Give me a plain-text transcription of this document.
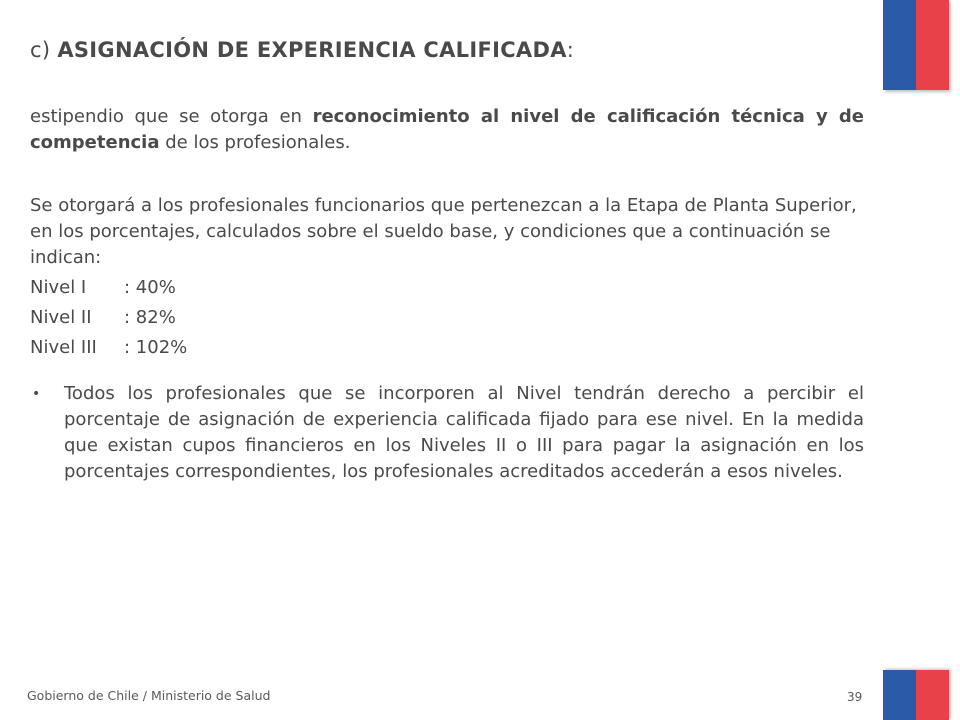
c) ASIGNACIÓN DE EXPERIENCIA CALIFICADA:
estipendio que se otorga en reconocimiento al nivel de calificación técnica y de competencia de los profesionales.
Se otorgará a los profesionales funcionarios que pertenezcan a la Etapa de Planta Superior, en los porcentajes, calculados sobre el sueldo base, y condiciones que a continuación se indican:
Nivel I	: 40%
Nivel II	: 82%
Nivel III	: 102%
•	Todos los profesionales que se incorporen al Nivel tendrán derecho a percibir el porcentaje de asignación de experiencia calificada fijado para ese nivel. En la medida que existan cupos financieros en los Niveles II o III para pagar la asignación en los porcentajes correspondientes, los profesionales acreditados accederán a esos niveles.
Gobierno de Chile / Ministerio de Salud	39
